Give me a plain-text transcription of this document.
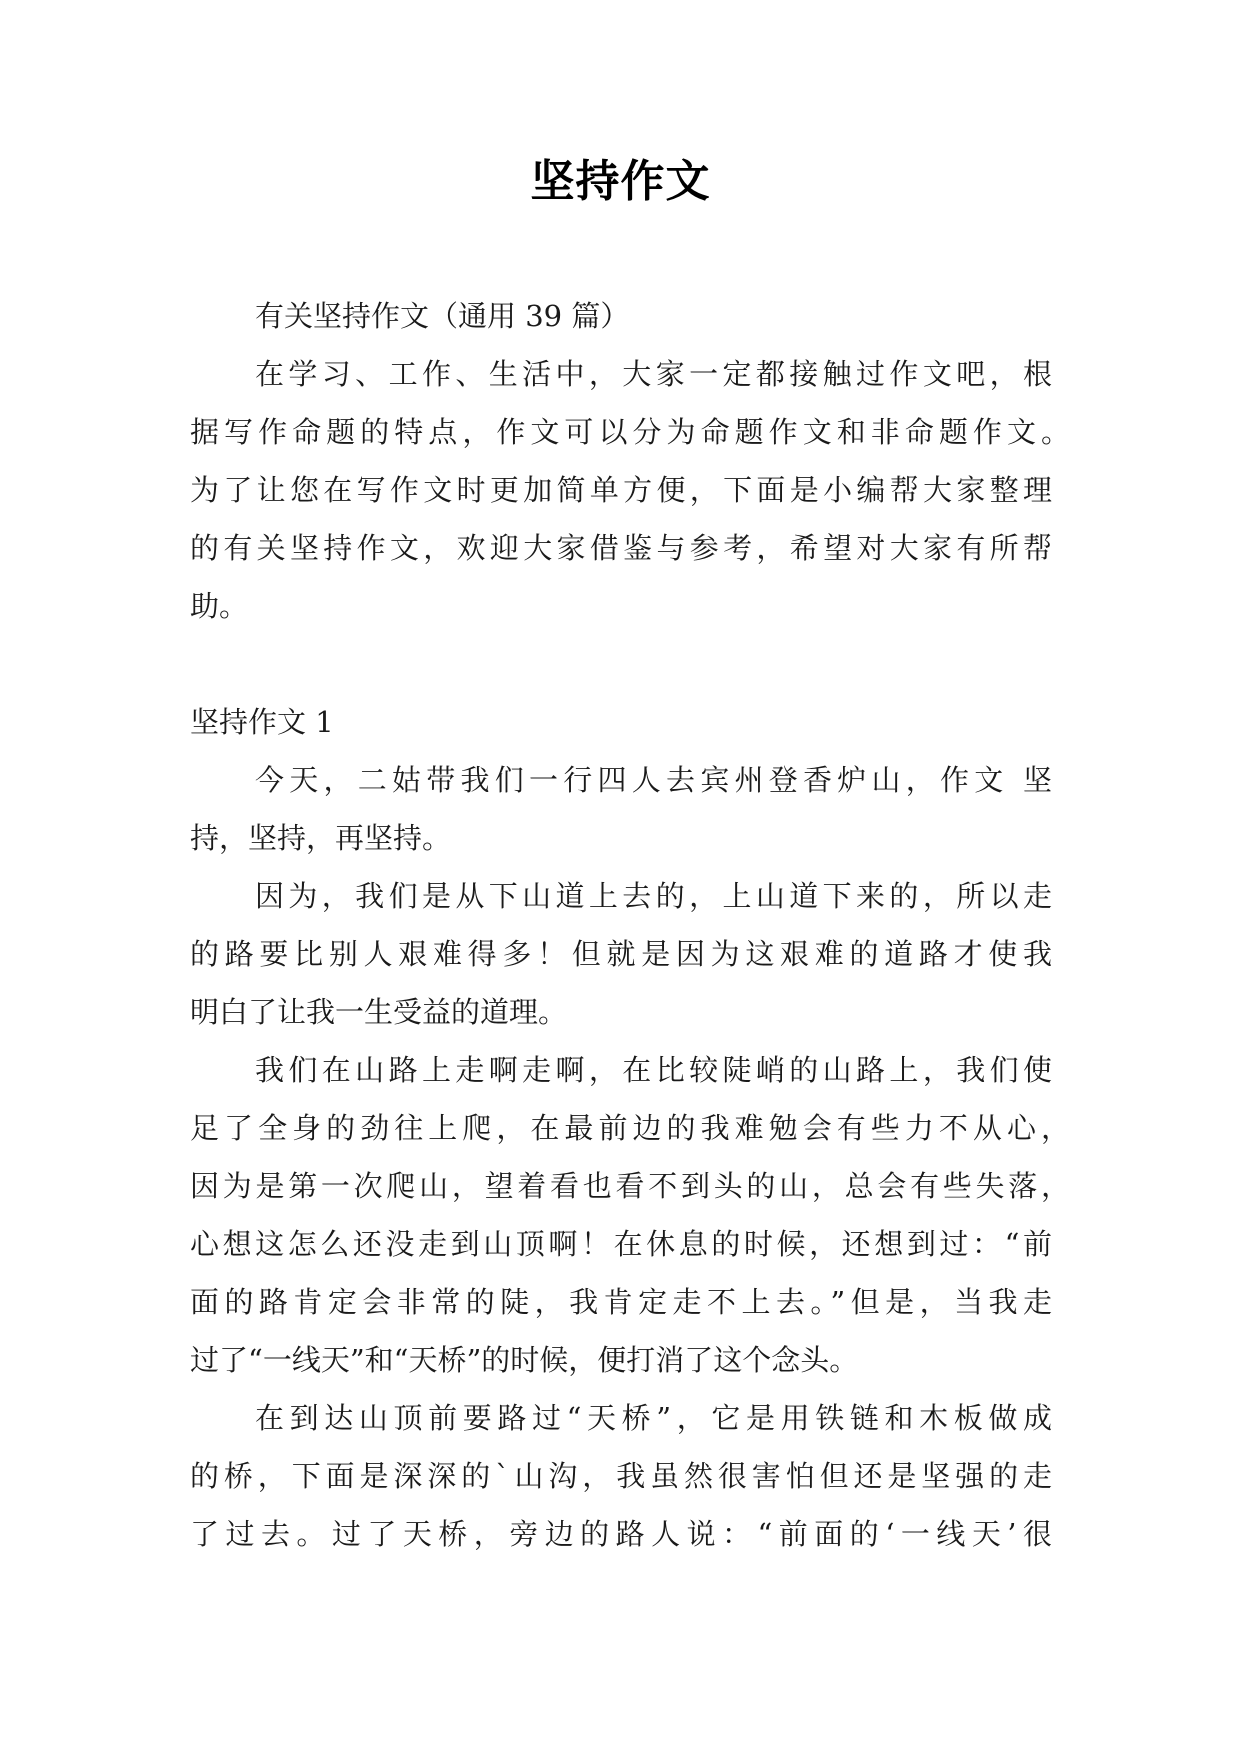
坚持作文
有关坚持作文（通用 39 篇）
在学习、工作、生活中，大家一定都接触过作文吧，根
据写作命题的特点，作文可以分为命题作文和非命题作文。
为了让您在写作文时更加简单方便，下面是小编帮大家整理
的有关坚持作文，欢迎大家借鉴与参考，希望对大家有所帮
助。
坚持作文 1
今天，二姑带我们一行四人去宾州登香炉山，作文 坚
持，坚持，再坚持。
因为，我们是从下山道上去的，上山道下来的，所以走
的路要比别人艰难得多！但就是因为这艰难的道路才使我
明白了让我一生受益的道理。
我们在山路上走啊走啊，在比较陡峭的山路上，我们使
足了全身的劲往上爬，在最前边的我难勉会有些力不从心，
因为是第一次爬山，望着看也看不到头的山，总会有些失落，
心想这怎么还没走到山顶啊！在休息的时候，还想到过：“前
面的路肯定会非常的陡，我肯定走不上去。”但是，当我走
过了“一线天”和“天桥”的时候，便打消了这个念头。
在到达山顶前要路过“天桥”，它是用铁链和木板做成
的桥，下面是深深的`山沟，我虽然很害怕但还是坚强的走
了过去。过了天桥，旁边的路人说：“前面的‘一线天’很
